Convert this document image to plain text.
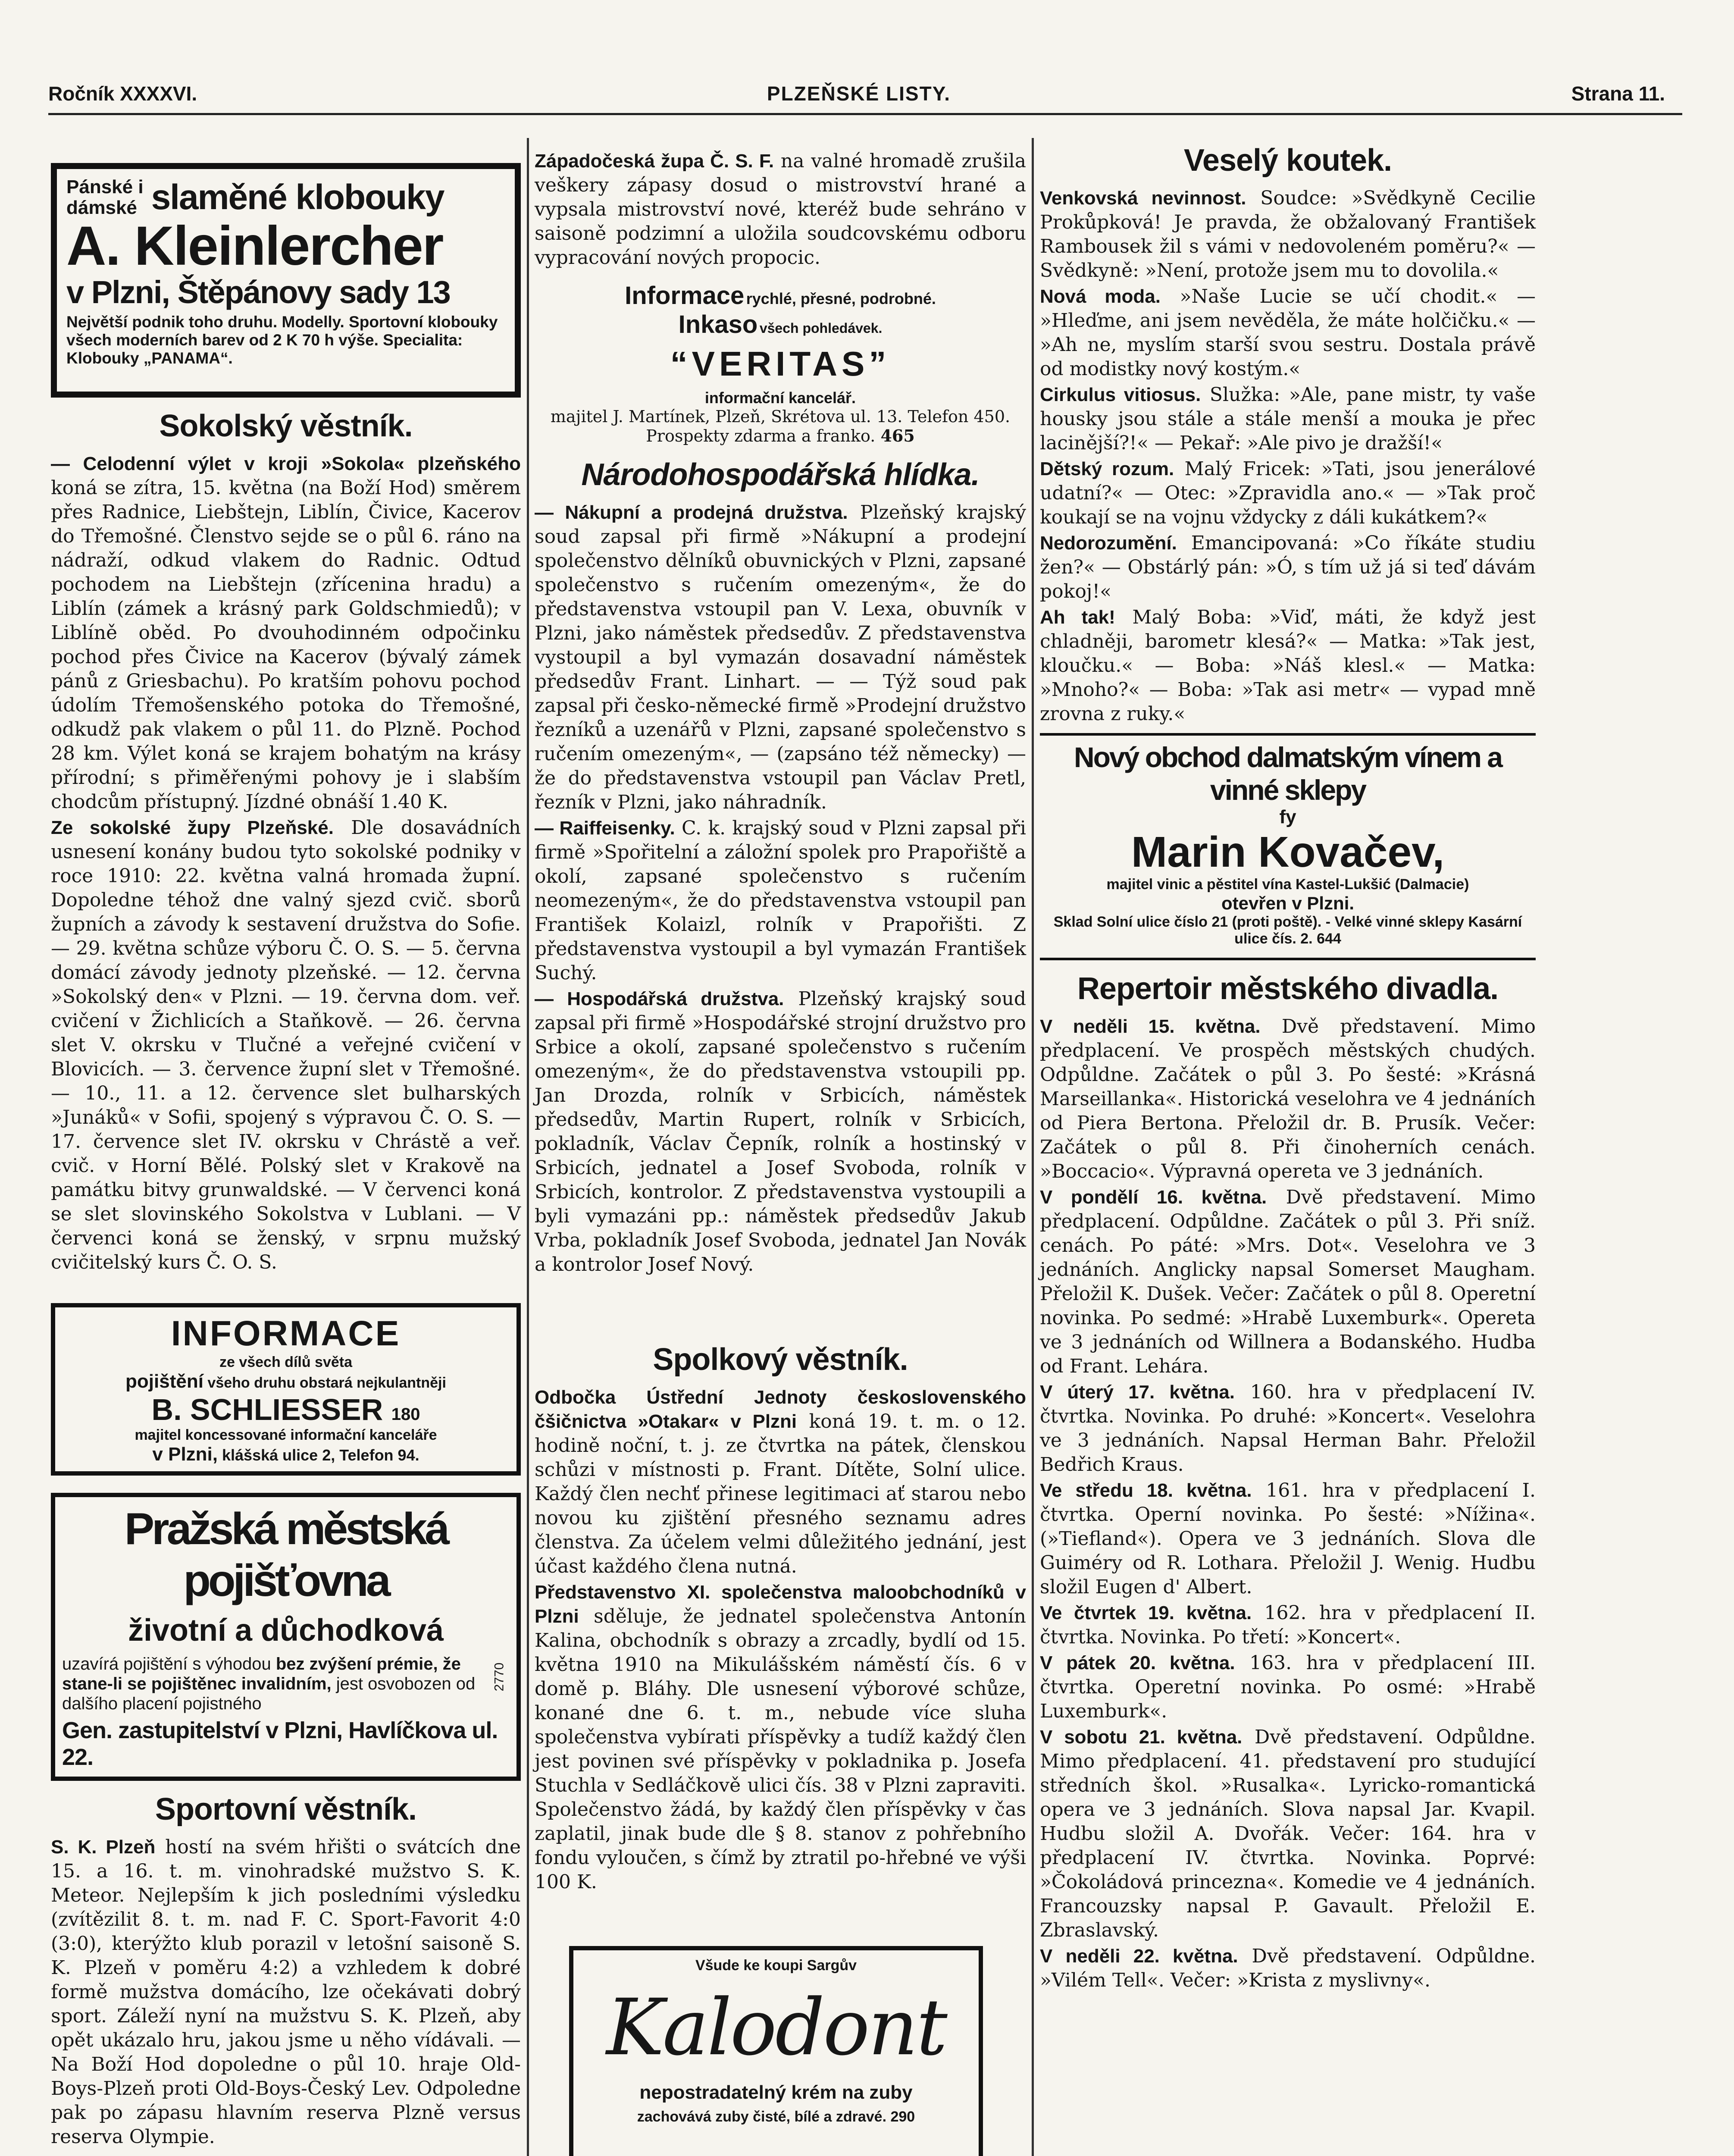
Ročník XXXXVI.	PLZEŇSKÉ LISTY.	Strana 11.
Pánské i
dámské slaměné klobouky
A. Kleinlercher
v Plzni, Štěpánovy sady 13
Největší podnik toho druhu. Modelly. Sportovní klobouky všech moderních barev od 2 K 70 h výše. Specialita: Klobouky „PANAMA“.
Sokolský věstník.

— Celodenní výlet v kroji »Sokola« plzeňského koná se zítra, 15. května (na Boží Hod) směrem přes Radnice, Liebštejn, Liblín, Čivice, Kacerov do Třemošné. Členstvo sejde se o půl 6. ráno na nádraží, odkud vlakem do Radnic. Odtud pochodem na Liebštejn (zřícenina hradu) a Liblín (zámek a krásný park Goldschmiedů); v Liblíně oběd. Po dvouhodinném odpočinku pochod přes Čivice na Kacerov (bývalý zámek pánů z Griesbachu). Po kratším pohovu pochod údolím Třemošenského potoka do Třemošné, odkudž pak vlakem o půl 11. do Plzně. Pochod 28 km. Výlet koná se krajem bohatým na krásy přírodní; s přiměřenými pohovy je i slabším chodcům přístupný. Jízdné obnáší 1.40 K.

Ze sokolské župy Plzeňské. Dle dosavádních usnesení konány budou tyto sokolské podniky v roce 1910: 22. května valná hromada župní. Dopoledne téhož dne valný sjezd cvič. sborů župních a závody k sestavení družstva do Sofie. — 29. května schůze výboru Č. O. S. — 5. června domácí závody jednoty plzeňské. — 12. června »Sokolský den« v Plzni. — 19. června dom. veř. cvičení v Žichlicích a Staňkově. — 26. června slet V. okrsku v Tlučné a veřejné cvičení v Blovicích. — 3. července župní slet v Třemošné. — 10., 11. a 12. července slet bulharských »Junáků« v Sofii, spojený s výpravou Č. O. S. — 17. července slet IV. okrsku v Chrástě a veř. cvič. v Horní Bělé. Polský slet v Krakově na památku bitvy grunwaldské. — V červenci koná se slet slovinského Sokolstva v Lublani. — V červenci koná se ženský, v srpnu mužský cvičitelský kurs Č. O. S.

INFORMACE
ze všech dílů světa
pojištění všeho druhu obstará nejkulantněji
B. SCHLIESSER 180
majitel koncessované informační kanceláře
v Plzni, klášská ulice 2, Telefon 94.
Pražská městská pojišťovna
životní a důchodková
uzavírá pojištění s výhodou bez zvýšení prémie, že stane-li se pojištěnec invalidním, jest osvobozen od dalšího placení pojistného
Gen. zastupitelství v Plzni, Havlíčkova ul. 22.
2770
Sportovní věstník.

S. K. Plzeň hostí na svém hřišti o svátcích dne 15. a 16. t. m. vinohradské mužstvo S. K. Meteor. Nejlepším k jich posledními výsledku (zvítězilit 8. t. m. nad F. C. Sport-Favorit 4:0 (3:0), kterýžto klub porazil v letošní saisoně S. K. Plzeň v poměru 4:2) a vzhledem k dobré formě mužstva domácího, lze očekávati dobrý sport. Záleží nyní na mužstvu S. K. Plzeň, aby opět ukázalo hru, jakou jsme u něho vídávali. — Na Boží Hod dopoledne o půl 10. hraje Old-Boys-Plzeň proti Old-Boys-Český Lev. Odpoledne pak po zápasu hlavním reserva Plzně versus reserva Olympie.

Západočeská župa Č. S. F. na valné hromadě zrušila veškery zápasy dosud o mistrovství hrané a vypsala mistrovství nové, kteréž bude sehráno v saisoně podzimní a uložila soudcovskému odboru vypracování nových propocic.

Informace rychlé, přesné, podrobné.
Inkaso všech pohledávek.
“VERITAS”
informační kancelář.
majitel J. Martínek, Plzeň, Skrétova ul. 13. Telefon 450.
Prospekty zdarma a franko. 465
Národohospodářská hlídka.

— Nákupní a prodejná družstva. Plzeňský krajský soud zapsal při firmě »Nákupní a prodejní společenstvo dělníků obuvnických v Plzni, zapsané společenstvo s ručením omezeným«, že do představenstva vstoupil pan V. Lexa, obuvník v Plzni, jako náměstek předsedův. Z představenstva vystoupil a byl vymazán dosavadní náměstek předsedův Frant. Linhart. — — Týž soud pak zapsal při česko-německé firmě »Prodejní družstvo řezníků a uzenářů v Plzni, zapsané společenstvo s ručením omezeným«, — (zapsáno též německy) — že do představenstva vstoupil pan Václav Pretl, řezník v Plzni, jako náhradník.

— Raiffeisenky. C. k. krajský soud v Plzni zapsal při firmě »Spořitelní a záložní spolek pro Prapořiště a okolí, zapsané společenstvo s ručením neomezeným«, že do představenstva vstoupil pan František Kolaizl, rolník v Prapořišti. Z představenstva vystoupil a byl vymazán František Suchý.

— Hospodářská družstva. Plzeňský krajský soud zapsal při firmě »Hospodářské strojní družstvo pro Srbice a okolí, zapsané společenstvo s ručením omezeným«, že do představenstva vstoupili pp. Jan Drozda, rolník v Srbicích, náměstek předsedův, Martin Rupert, rolník v Srbicích, pokladník, Václav Čepník, rolník a hostinský v Srbicích, jednatel a Josef Svoboda, rolník v Srbicích, kontrolor. Z představenstva vystoupili a byli vymazáni pp.: náměstek předsedův Jakub Vrba, pokladník Josef Svoboda, jednatel Jan Novák a kontrolor Josef Nový.

Spolkový věstník.

Odbočka Ústřední Jednoty československého čšičnictva »Otakar« v Plzni koná 19. t. m. o 12. hodině noční, t. j. ze čtvrtka na pátek, členskou schůzi v místnosti p. Frant. Dítěte, Solní ulice. Každý člen nechť přinese legitimaci ať starou nebo novou ku zjištění přesného seznamu adres členstva. Za účelem velmi důležitého jednání, jest účast každého člena nutná.

Představenstvo XI. společenstva maloobchodníků v Plzni sděluje, že jednatel společenstva Antonín Kalina, obchodník s obrazy a zrcadly, bydlí od 15. května 1910 na Mikulášském náměstí čís. 6 v domě p. Bláhy. Dle usnesení výborové schůze, konané dne 6. t. m., nebude více sluha společenstva vybírati příspěvky a tudíž každý člen jest povinen své příspěvky v pokladnika p. Josefa Stuchla v Sedláčkově ulici čís. 38 v Plzni zapraviti. Společenstvo žádá, by každý člen příspěvky v čas zaplatil, jinak bude dle § 8. stanov z pohřebního fondu vyloučen, s čímž by ztratil po-hřebné ve výši 100 K.

Všude ke koupi Sargův
Kalodont
nepostradatelný krém na zuby
zachovává zuby čisté, bílé a zdravé. 290
Veselý koutek.

Venkovská nevinnost. Soudce: »Svědkyně Cecilie Prokůpková! Je pravda, že obžalovaný František Rambousek žil s vámi v nedovoleném poměru?« — Svědkyně: »Není, protože jsem mu to dovolila.«

Nová moda. »Naše Lucie se učí chodit.« — »Hleďme, ani jsem nevěděla, že máte holčičku.« — »Ah ne, myslím starší svou sestru. Dostala právě od modistky nový kostým.«

Cirkulus vitiosus. Služka: »Ale, pane mistr, ty vaše housky jsou stále a stále menší a mouka je přec lacinější?!« — Pekař: »Ale pivo je dražší!«

Dětský rozum. Malý Fricek: »Tati, jsou jenerálové udatní?« — Otec: »Zpravidla ano.« — »Tak proč koukají se na vojnu vždycky z dáli kukátkem?«

Nedorozumění. Emancipovaná: »Co říkáte studiu žen?« — Obstárlý pán: »Ó, s tím už já si teď dávám pokoj!«

Ah tak! Malý Boba: »Viď, máti, že když jest chladněji, barometr klesá?« — Matka: »Tak jest, kloučku.« — Boba: »Náš klesl.« — Matka: »Mnoho?« — Boba: »Tak asi metr« — vypad mně zrovna z ruky.«

Nový obchod dalmatským vínem a vinné sklepy
fy
Marin Kovačev,
majitel vinic a pěstitel vína Kastel-Lukšić (Dalmacie)
otevřen v Plzni.
Sklad Solní ulice číslo 21 (proti poště). - Velké vinné sklepy Kasární ulice čís. 2. 644
Repertoir městského divadla.

V neděli 15. května. Dvě představení. Mimo předplacení. Ve prospěch městských chudých. Odpůldne. Začátek o půl 3. Po šesté: »Krásná Marseillanka«. Historická veselohra ve 4 jednáních od Piera Bertona. Přeložil dr. B. Prusík. Večer: Začátek o půl 8. Při činoherních cenách. »Boccacio«. Výpravná opereta ve 3 jednáních.

V pondělí 16. května. Dvě představení. Mimo předplacení. Odpůldne. Začátek o půl 3. Při sníž. cenách. Po páté: »Mrs. Dot«. Veselohra ve 3 jednáních. Anglicky napsal Somerset Maugham. Přeložil K. Dušek. Večer: Začátek o půl 8. Operetní novinka. Po sedmé: »Hrabě Luxemburk«. Opereta ve 3 jednáních od Willnera a Bodanského. Hudba od Frant. Lehára.

V úterý 17. května. 160. hra v předplacení IV. čtvrtka. Novinka. Po druhé: »Koncert«. Veselohra ve 3 jednáních. Napsal Herman Bahr. Přeložil Bedřich Kraus.

Ve středu 18. května. 161. hra v předplacení I. čtvrtka. Operní novinka. Po šesté: »Nížina«. (»Tiefland«). Opera ve 3 jednáních. Slova dle Guiméry od R. Lothara. Přeložil J. Wenig. Hudbu složil Eugen d' Albert.

Ve čtvrtek 19. května. 162. hra v předplacení II. čtvrtka. Novinka. Po třetí: »Koncert«.

V pátek 20. května. 163. hra v předplacení III. čtvrtka. Operetní novinka. Po osmé: »Hrabě Luxemburk«.

V sobotu 21. května. Dvě představení. Odpůldne. Mimo předplacení. 41. představení pro studující středních škol. »Rusalka«. Lyricko-romantická opera ve 3 jednáních. Slova napsal Jar. Kvapil. Hudbu složil A. Dvořák. Večer: 164. hra v předplacení IV. čtvrtka. Novinka. Poprvé: »Čokoládová princezna«. Komedie ve 4 jednáních. Francouzsky napsal P. Gavault. Přeložil E. Zbraslavský.

V neděli 22. května. Dvě představení. Odpůldne. »Vilém Tell«. Večer: »Krista z myslivny«.
